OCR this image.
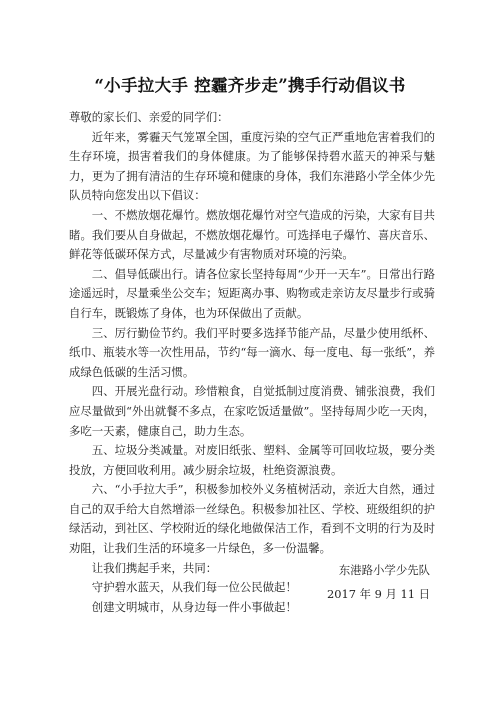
“小手拉大手 控霾齐步走”携手行动倡议书

尊敬的家长们、亲爱的同学们：

近年来，雾霾天气笼罩全国，重度污染的空气正严重地危害着我们的生存环境，损害着我们的身体健康。为了能够保持碧水蓝天的神采与魅力，更为了拥有清洁的生存环境和健康的身体，我们东港路小学全体少先队员特向您发出以下倡议：

一、不燃放烟花爆竹。燃放烟花爆竹对空气造成的污染，大家有目共睹。我们要从自身做起，不燃放烟花爆竹。可选择电子爆竹、喜庆音乐、鲜花等低碳环保方式，尽量减少有害物质对环境的污染。

二、倡导低碳出行。请各位家长坚持每周“少开一天车”。日常出行路途遥远时，尽量乘坐公交车；短距离办事、购物或走亲访友尽量步行或骑自行车，既锻炼了身体，也为环保做出了贡献。

三、厉行勤俭节约。我们平时要多选择节能产品，尽量少使用纸杯、纸巾、瓶装水等一次性用品，节约“每一滴水、每一度电、每一张纸”，养成绿色低碳的生活习惯。

四、开展光盘行动。珍惜粮食，自觉抵制过度消费、铺张浪费，我们应尽量做到“外出就餐不多点，在家吃饭适量做”。坚持每周少吃一天肉，多吃一天素，健康自己，助力生态。

五、垃圾分类减量。对废旧纸张、塑料、金属等可回收垃圾，要分类投放，方便回收利用。减少厨余垃圾，杜绝资源浪费。

六、“小手拉大手”，积极参加校外义务植树活动，亲近大自然，通过自己的双手给大自然增添一丝绿色。积极参加社区、学校、班级组织的护绿活动，到社区、学校附近的绿化地做保洁工作，看到不文明的行为及时劝阻，让我们生活的环境多一片绿色，多一份温馨。

让我们携起手来，共同：

守护碧水蓝天，从我们每一位公民做起！

创建文明城市，从身边每一件小事做起！

东港路小学少先队
2017 年 9 月 11 日
